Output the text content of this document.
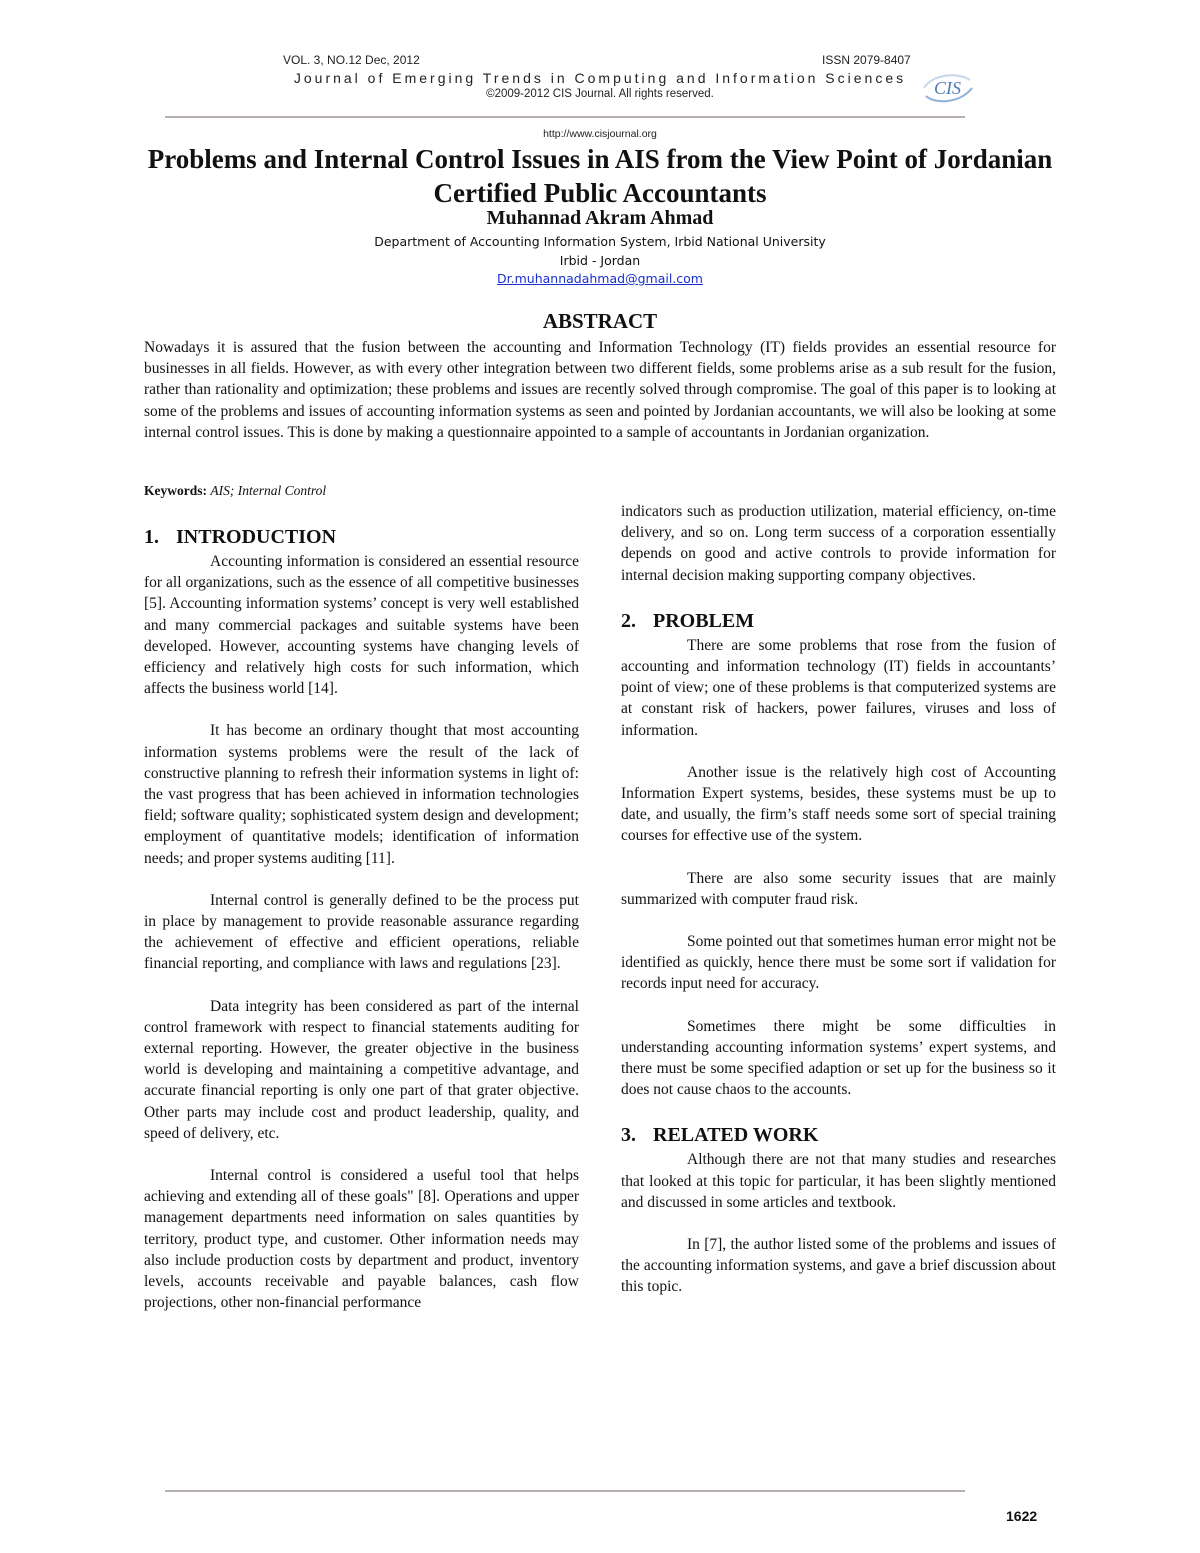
VOL. 3, NO.12 Dec, 2012	ISSN 2079-8407
Journal of Emerging Trends in Computing and Information Sciences
©2009-2012 CIS Journal. All rights reserved.	CIS
http://www.cisjournal.org
Problems and Internal Control Issues in AIS from the View Point of Jordanian Certified Public Accountants
Muhannad Akram Ahmad
Department of Accounting Information System, Irbid National University
Irbid - Jordan
Dr.muhannadahmad@gmail.com
ABSTRACT

Nowadays it is assured that the fusion between the accounting and Information Technology (IT) fields provides an essential resource for businesses in all fields. However, as with every other integration between two different fields, some problems arise as a sub result for the fusion, rather than rationality and optimization; these problems and issues are recently solved through compromise. The goal of this paper is to looking at some of the problems and issues of accounting information systems as seen and pointed by Jordanian accountants, we will also be looking at some internal control issues. This is done by making a questionnaire appointed to a sample of accountants in Jordanian organization.

Keywords: AIS; Internal Control
1. INTRODUCTION

Accounting information is considered an essential resource for all organizations, such as the essence of all competitive businesses [5]. Accounting information systems’ concept is very well established and many commercial packages and suitable systems have been developed. However, accounting systems have changing levels of efficiency and relatively high costs for such information, which affects the business world [14].

It has become an ordinary thought that most accounting information systems problems were the result of the lack of constructive planning to refresh their information systems in light of: the vast progress that has been achieved in information technologies field; software quality; sophisticated system design and development; employment of quantitative models; identification of information needs; and proper systems auditing [11].

Internal control is generally defined to be the process put in place by management to provide reasonable assurance regarding the achievement of effective and efficient operations, reliable financial reporting, and compliance with laws and regulations [23].

Data integrity has been considered as part of the internal control framework with respect to financial statements auditing for external reporting. However, the greater objective in the business world is developing and maintaining a competitive advantage, and accurate financial reporting is only one part of that grater objective. Other parts may include cost and product leadership, quality, and speed of delivery, etc.

Internal control is considered a useful tool that helps achieving and extending all of these goals" [8]. Operations and upper management departments need information on sales quantities by territory, product type, and customer. Other information needs may also include production costs by department and product, inventory levels, accounts receivable and payable balances, cash flow projections, other non-financial performance

indicators such as production utilization, material efficiency, on-time delivery, and so on. Long term success of a corporation essentially depends on good and active controls to provide information for internal decision making supporting company objectives.

2. PROBLEM

There are some problems that rose from the fusion of accounting and information technology (IT) fields in accountants’ point of view; one of these problems is that computerized systems are at constant risk of hackers, power failures, viruses and loss of information.

Another issue is the relatively high cost of Accounting Information Expert systems, besides, these systems must be up to date, and usually, the firm’s staff needs some sort of special training courses for effective use of the system.

There are also some security issues that are mainly summarized with computer fraud risk.

Some pointed out that sometimes human error might not be identified as quickly, hence there must be some sort if validation for records input need for accuracy.

Sometimes there might be some difficulties in understanding accounting information systems’ expert systems, and there must be some specified adaption or set up for the business so it does not cause chaos to the accounts.

3. RELATED WORK

Although there are not that many studies and researches that looked at this topic for particular, it has been slightly mentioned and discussed in some articles and textbook.

In [7], the author listed some of the problems and issues of the accounting information systems, and gave a brief discussion about this topic.

1622
